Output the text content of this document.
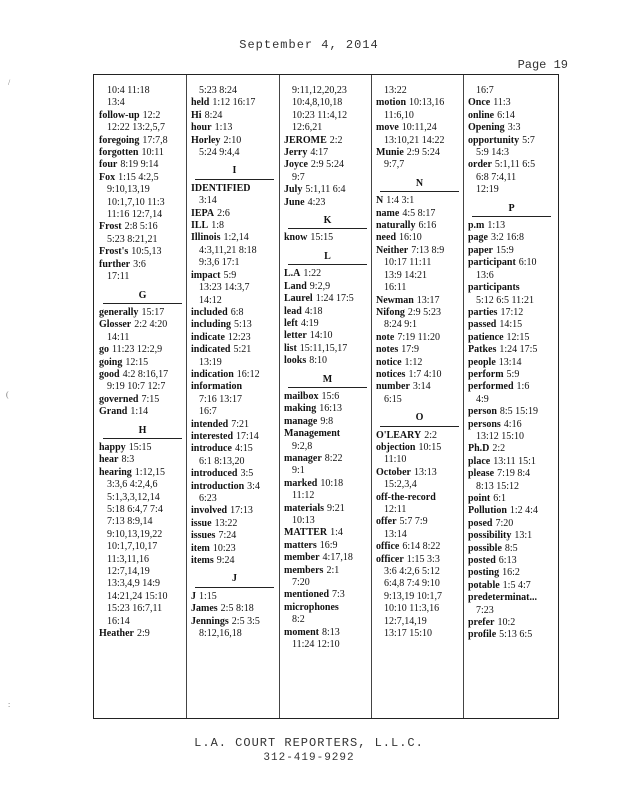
September 4, 2014
Page 19
10:4 11:18
13:4
follow-up 12:2
12:22 13:2,5,7
foregoing 17:7,8
forgotten 10:11
four 8:19 9:14
Fox 1:15 4:2,5
9:10,13,19
10:1,7,10 11:3
11:16 12:7,14
Frost 2:8 5:16
5:23 8:21,21
Frost's 10:5,13
further 3:6
17:11
G
generally 15:17
Glosser 2:2 4:20
14:11
go 11:23 12:2,9
going 12:15
good 4:2 8:16,17
9:19 10:7 12:7
governed 7:15
Grand 1:14
H
happy 15:15
hear 8:3
hearing 1:12,15
3:3,6 4:2,4,6
5:1,3,3,12,14
5:18 6:4,7 7:4
7:13 8:9,14
9:10,13,19,22
10:1,7,10,17
11:3,11,16
12:7,14,19
13:3,4,9 14:9
14:21,24 15:10
15:23 16:7,11
16:14
Heather 2:9
5:23 8:24
held 1:12 16:17
Hi 8:24
hour 1:13
Horley 2:10
5:24 9:4,4
I
IDENTIFIED
3:14
IEPA 2:6
ILL 1:8
Illinois 1:2,14
4:3,11,21 8:18
9:3,6 17:1
impact 5:9
13:23 14:3,7
14:12
included 6:8
including 5:13
indicate 12:23
indicated 5:21
13:19
indication 16:12
information
7:16 13:17
16:7
intended 7:21
interested 17:14
introduce 4:15
6:1 8:13,20
introduced 3:5
introduction 3:4
6:23
involved 17:13
issue 13:22
issues 7:24
item 10:23
items 9:24
J
J 1:15
James 2:5 8:18
Jennings 2:5 3:5
8:12,16,18
9:11,12,20,23
10:4,8,10,18
10:23 11:4,12
12:6,21
JEROME 2:2
Jerry 4:17
Joyce 2:9 5:24
9:7
July 5:1,11 6:4
June 4:23
K
know 15:15
L
L.A 1:22
Land 9:2,9
Laurel 1:24 17:5
lead 4:18
left 4:19
letter 14:10
list 15:11,15,17
looks 8:10
M
mailbox 15:6
making 16:13
manage 9:8
Management
9:2,8
manager 8:22
9:1
marked 10:18
11:12
materials 9:21
10:13
MATTER 1:4
matters 16:9
member 4:17,18
members 2:1
7:20
mentioned 7:3
microphones
8:2
moment 8:13
11:24 12:10
13:22
motion 10:13,16
11:6,10
move 10:11,24
13:10,21 14:22
Munie 2:9 5:24
9:7,7
N
N 1:4 3:1
name 4:5 8:17
naturally 6:16
need 16:10
Neither 7:13 8:9
10:17 11:11
13:9 14:21
16:11
Newman 13:17
Nifong 2:9 5:23
8:24 9:1
note 7:19 11:20
notes 17:9
notice 1:12
notices 1:7 4:10
number 3:14
6:15
O
O'LEARY 2:2
objection 10:15
11:10
October 13:13
15:2,3,4
off-the-record
12:11
offer 5:7 7:9
13:14
office 6:14 8:22
officer 1:15 3:3
3:6 4:2,6 5:12
6:4,8 7:4 9:10
9:13,19 10:1,7
10:10 11:3,16
12:7,14,19
13:17 15:10
16:7
Once 11:3
online 6:14
Opening 3:3
opportunity 5:7
5:9 14:3
order 5:1,11 6:5
6:8 7:4,11
12:19
P
p.m 1:13
page 3:2 16:8
paper 15:9
participant 6:10
13:6
participants
5:12 6:5 11:21
parties 17:12
passed 14:15
patience 12:15
Patkes 1:24 17:5
people 13:14
perform 5:9
performed 1:6
4:9
person 8:5 15:19
persons 4:16
13:12 15:10
Ph.D 2:2
place 13:11 15:1
please 7:19 8:4
8:13 15:12
point 6:1
Pollution 1:2 4:4
posed 7:20
possibility 13:1
possible 8:5
posted 6:13
posting 16:2
potable 1:5 4:7
predeterminat...
7:23
prefer 10:2
profile 5:13 6:5
L.A. COURT REPORTERS, L.L.C.
312-419-9292
/
(
:
